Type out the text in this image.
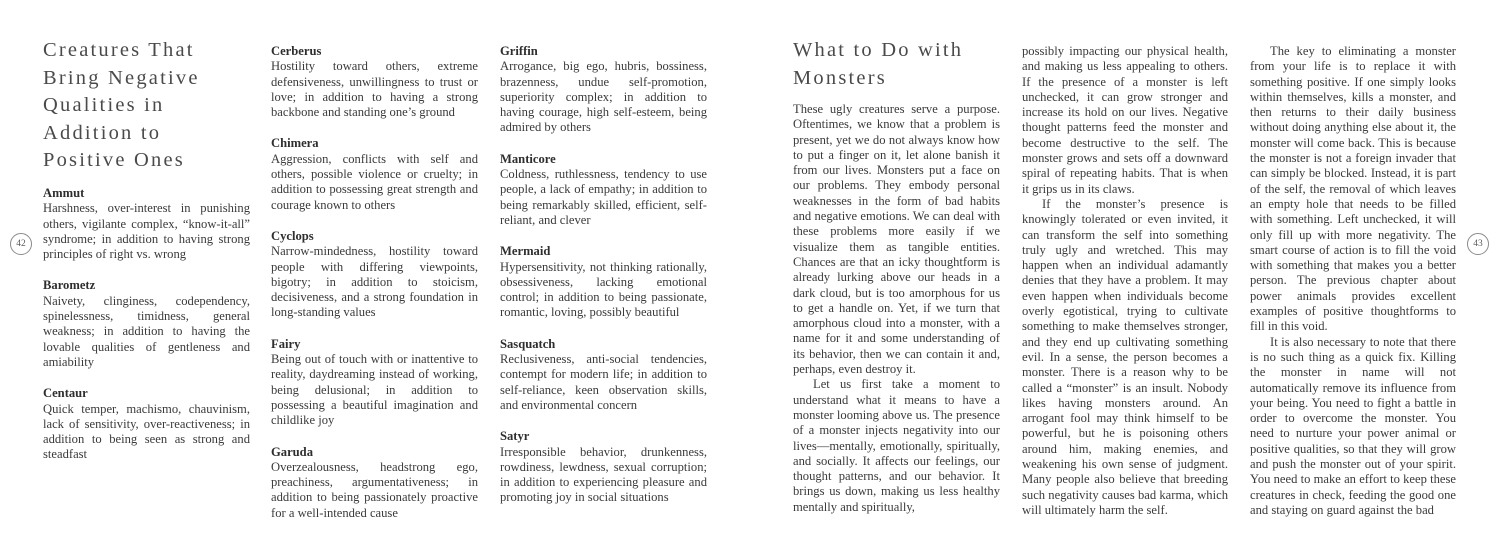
Creatures That
Bring Negative
Qualities in
Addition to
Positive Ones
Ammut
Harshness, over-interest in punishing others, vigilante complex, “know-it-all” syndrome; in addition to having strong principles of right vs. wrong
Barometz
Naivety, clinginess, codependency, spinelessness, timidness, general weakness; in addition to having the lovable qualities of gentleness and amiability
Centaur
Quick temper, machismo, chauvinism, lack of sensitivity, over-reactiveness; in addition to being seen as strong and steadfast
Cerberus
Hostility toward others, extreme defensiveness, unwillingness to trust or love; in addition to having a strong backbone and standing one’s ground
Chimera
Aggression, conflicts with self and others, possible violence or cruelty; in addition to possessing great strength and courage known to others
Cyclops
Narrow-mindedness, hostility toward people with differing viewpoints, bigotry; in addition to stoicism, decisiveness, and a strong foundation in long-standing values
Fairy
Being out of touch with or inattentive to reality, daydreaming instead of working, being delusional; in addition to possessing a beautiful imagination and childlike joy
Garuda
Overzealousness, headstrong ego, preachiness, argumentativeness; in addition to being passionately proactive for a well-intended cause
Griffin
Arrogance, big ego, hubris, bossiness, brazenness, undue self-promotion, superiority complex; in addition to having courage, high self-esteem, being admired by others
Manticore
Coldness, ruthlessness, tendency to use people, a lack of empathy; in addition to being remarkably skilled, efficient, self-reliant, and clever
Mermaid
Hypersensitivity, not thinking rationally, obsessiveness, lacking emotional control; in addition to being passionate, romantic, loving, possibly beautiful
Sasquatch
Reclusiveness, anti-social tendencies, contempt for modern life; in addition to self-reliance, keen observation skills, and environmental concern
Satyr
Irresponsible behavior, drunkenness, rowdiness, lewdness, sexual corruption; in addition to experiencing pleasure and promoting joy in social situations
42
What to Do with
Monsters

These ugly creatures serve a purpose. Oftentimes, we know that a problem is present, yet we do not always know how to put a finger on it, let alone banish it from our lives. Monsters put a face on our problems. They embody personal weaknesses in the form of bad habits and negative emotions. We can deal with these problems more easily if we visualize them as tangible entities. Chances are that an icky thoughtform is already lurking above our heads in a dark cloud, but is too amorphous for us to get a handle on. Yet, if we turn that amorphous cloud into a monster, with a name for it and some understanding of its behavior, then we can contain it and, perhaps, even destroy it.

Let us first take a moment to understand what it means to have a monster looming above us. The presence of a monster injects negativity into our lives—mentally, emotionally, spiritually, and socially. It affects our feelings, our thought patterns, and our behavior. It brings us down, making us less healthy mentally and spiritually,

possibly impacting our physical health, and making us less appealing to others. If the presence of a monster is left unchecked, it can grow stronger and increase its hold on our lives. Negative thought patterns feed the monster and become destructive to the self. The monster grows and sets off a downward spiral of repeating habits. That is when it grips us in its claws.

If the monster’s presence is knowingly tolerated or even invited, it can transform the self into something truly ugly and wretched. This may happen when an individual adamantly denies that they have a problem. It may even happen when individuals become overly egotistical, trying to cultivate something to make themselves stronger, and they end up cultivating something evil. In a sense, the person becomes a monster. There is a reason why to be called a “monster” is an insult. Nobody likes having monsters around. An arrogant fool may think himself to be powerful, but he is poisoning others around him, making enemies, and weakening his own sense of judgment. Many people also believe that breeding such negativity causes bad karma, which will ultimately harm the self.

The key to eliminating a monster from your life is to replace it with something positive. If one simply looks within themselves, kills a monster, and then returns to their daily business without doing anything else about it, the monster will come back. This is because the monster is not a foreign invader that can simply be blocked. Instead, it is part of the self, the removal of which leaves an empty hole that needs to be filled with something. Left unchecked, it will only fill up with more negativity. The smart course of action is to fill the void with something that makes you a better person. The previous chapter about power animals provides excellent examples of positive thoughtforms to fill in this void.

It is also necessary to note that there is no such thing as a quick fix. Killing the monster in name will not automatically remove its influence from your being. You need to fight a battle in order to overcome the monster. You need to nurture your power animal or positive qualities, so that they will grow and push the monster out of your spirit. You need to make an effort to keep these creatures in check, feeding the good one and staying on guard against the bad

43
